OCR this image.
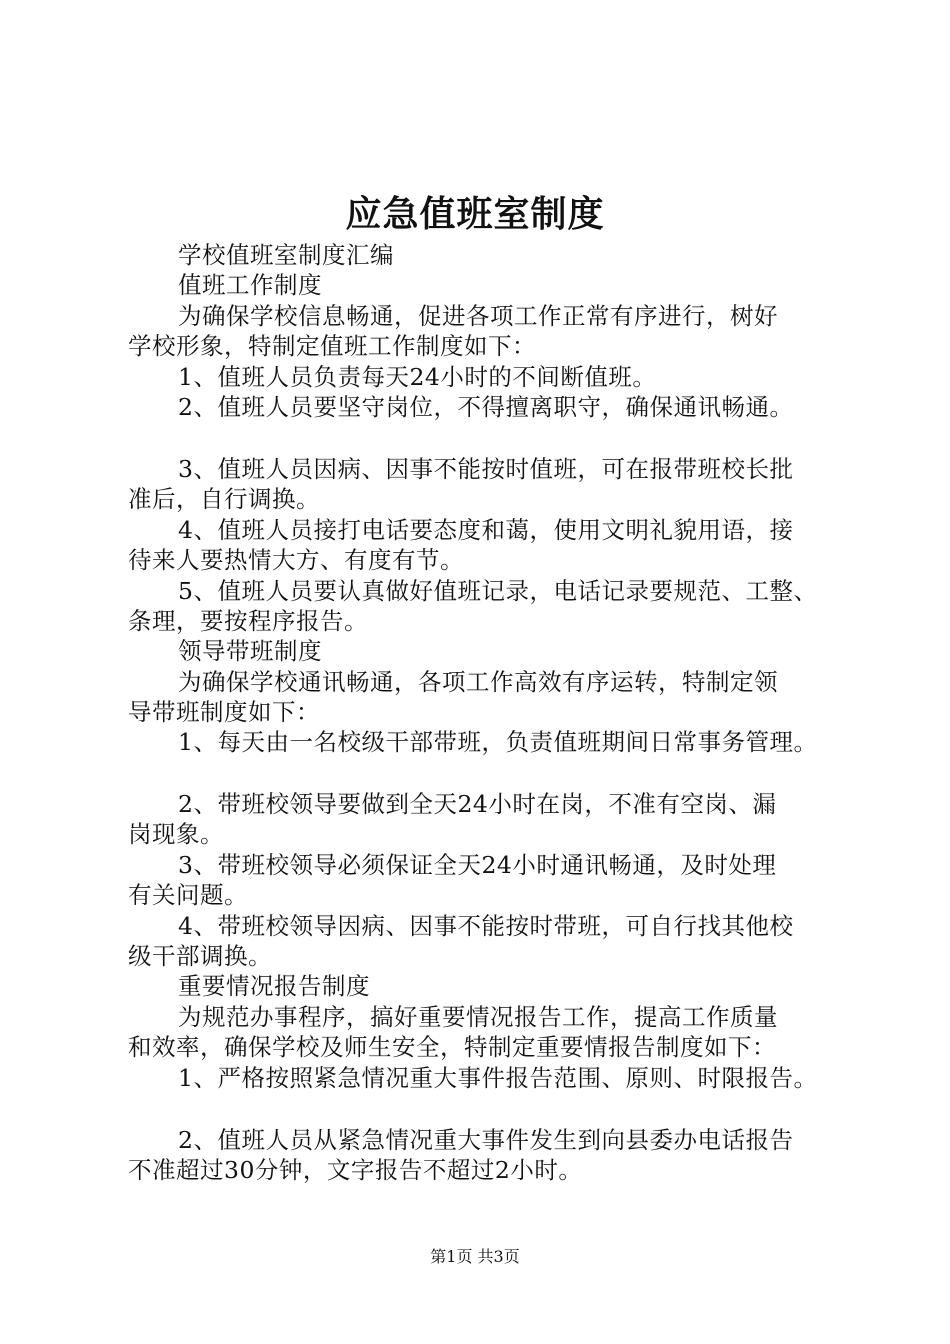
应急值班室制度
学校值班室制度汇编
值班工作制度
为确保学校信息畅通，促进各项工作正常有序进行，树好
学校形象，特制定值班工作制度如下：
1、值班人员负责每天24小时的不间断值班。
2、值班人员要坚守岗位，不得擅离职守，确保通讯畅通。
3、值班人员因病、因事不能按时值班，可在报带班校长批
准后，自行调换。
4、值班人员接打电话要态度和蔼，使用文明礼貌用语，接
待来人要热情大方、有度有节。
5、值班人员要认真做好值班记录，电话记录要规范、工整、
条理，要按程序报告。
领导带班制度
为确保学校通讯畅通，各项工作高效有序运转，特制定领
导带班制度如下：
1、每天由一名校级干部带班，负责值班期间日常事务管理。
2、带班校领导要做到全天24小时在岗，不准有空岗、漏
岗现象。
3、带班校领导必须保证全天24小时通讯畅通，及时处理
有关问题。
4、带班校领导因病、因事不能按时带班，可自行找其他校
级干部调换。
重要情况报告制度
为规范办事程序，搞好重要情况报告工作，提高工作质量
和效率，确保学校及师生安全，特制定重要情报告制度如下：
1、严格按照紧急情况重大事件报告范围、原则、时限报告。
2、值班人员从紧急情况重大事件发生到向县委办电话报告
不准超过30分钟，文字报告不超过2小时。
第1页 共3页
